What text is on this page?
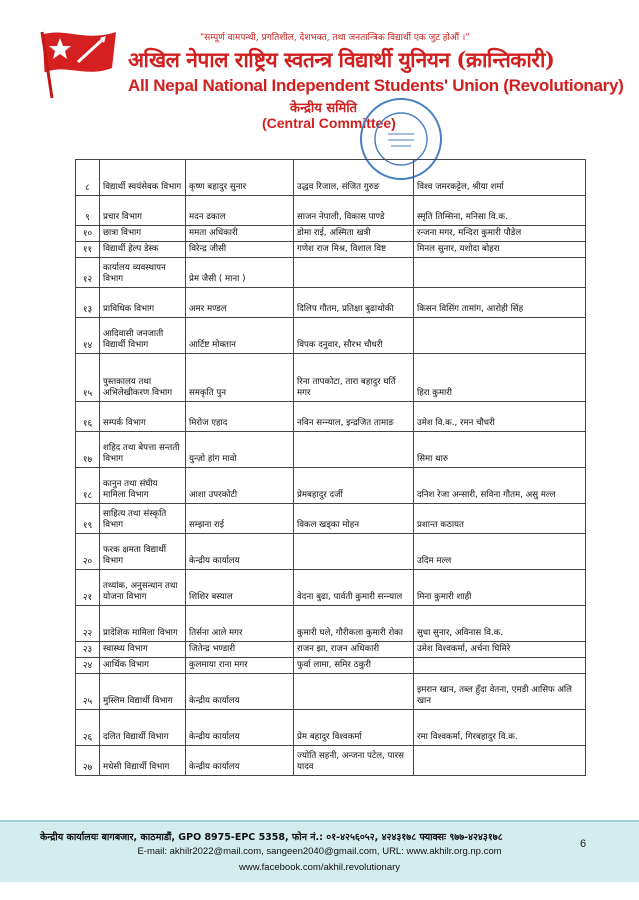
"सम्पूर्ण वामपन्थी, प्रगतिशील, देशभक्त, तथा जनतान्त्रिक विद्यार्थी एक जुट होऔं ।"
अखिल नेपाल राष्ट्रिय स्वतन्त्र विद्यार्थी युनियन (क्रान्तिकारी)
All Nepal National Independent Students' Union (Revolutionary)
केन्द्रीय समिति
(Central Committee)
८	विद्यार्थी स्वयंसेवक विभाग	कृष्ण बहादुर सुनार	उद्धव रिजाल, संजित गुरुङ	विश्व जमरकट्टेल, श्रीया शर्मा
९	प्रचार विभाग	मदन ढकाल	साजन नेपाली, विकास पाण्डे	स्मृति तिम्सिना, मनिसा वि.क.
१०	छात्रा विभाग	ममता अधिकारी	डोमा राई, अस्मिता खत्री	रन्जना मगर, मन्दिरा कुमारी पौडेल
११	विद्यार्थी हेल्प डेस्क	विरेन्द्र जीसी	गणेश राज मिश्र, विशाल विष्ट	मिनल सुनार, यशोदा बोहरा
१२	कार्यालय व्यवस्थापन विभाग	प्रेम जैसी ( माना )		
१३	प्राविधिक विभाग	अमर मण्डल	दिलिप गौतम, प्रतिक्षा बुढाथोकी	किसन विसिंग तामांग, आरोही सिंह
१४	आदिवासी जनजाती विद्यार्थी विभाग	आर्टिष्ट मोक्तान	विपक दनुवार, सौरभ चौधरी	
१५	पुस्तकालय तथा अभिलेखीकरण विभाग	समकृति पुन	रिना तापकोटा, तारा बहादुर घर्ति मगर	हिरा कुमारी
१६	सम्पर्क विभाग	मिरोज एहाद	नविन सन्न्याल, इन्द्रजित तामाङ	उमेश वि.क., रमन चौधरी
१७	शहिद तथा बेपत्ता सन्तती विभाग	युन्ज़ो हांग मावो		सिमा थारु
१८	कानुन तथा संघीय मामिला विभाग	आशा उपरकोटी	प्रेमबहादुर दर्जी	दनिश रेजा अन्सारी, सविना गौतम, असु मल्ल
१९	साहित्य तथा संस्कृति विभाग	सम्झना राई	विकल खड्का मोहन	प्रशान्त कठायत
२०	फरक क्षमता विद्यार्थी विभाग	केन्द्रीय कार्यालय		उदिम मल्ल
२१	तथ्यांक, अनुसन्धान तथा योजना विभाग	शिशिर बस्याल	वेदना बुढा, पार्वती कुमारी सन्न्याल	मिना कुमारी शाही
२२	प्रादेशिक मामिला विभाग	तिर्सना आले मगर	कुमारी घले, गौरीकला कुमारी रोका	सुधा सुनार, अविनास वि.क.
२३	स्वास्थ्य विभाग	जितेन्द्र भण्डारी	राजन झा, राजन अधिकारी	उमेश विश्वकर्मा, अर्चना घिमिरे
२४	आर्थिक विभाग	कुलमाया राना मगर	फुर्वा लामा, समिर ठकुरी	
२५	मुस्लिम विद्यार्थी विभाग	केन्द्रीय कार्यालय		इमरान खान, तब्ल हुँदा वेतना, एमडी आसिफ अलि खान
२६	दलित विद्यार्थी विभाग	केन्द्रीय कार्यालय	प्रेम बहादुर विश्वकर्मा	रमा विश्वकर्मा, गिरबहादुर वि.क.
२७	मधेसी विद्यार्थी विभाग	केन्द्रीय कार्यालय	ज्योति सहनी, अन्जना पटेल, पारस यादव	
केन्द्रीय कार्यालयः बागबजार, काठमाडौं, GPO 8975-EPC 5358, फोन नं.: ०१-४२५६०५२, ४२४३१७८ फ्याक्सः ९७७-४२४३१७८
E-mail: akhilr2022@mail.com, sangeen2040@gmail.com, URL: www.akhilr.org.np.com
www.facebook.com/akhil.revolutionary
6
